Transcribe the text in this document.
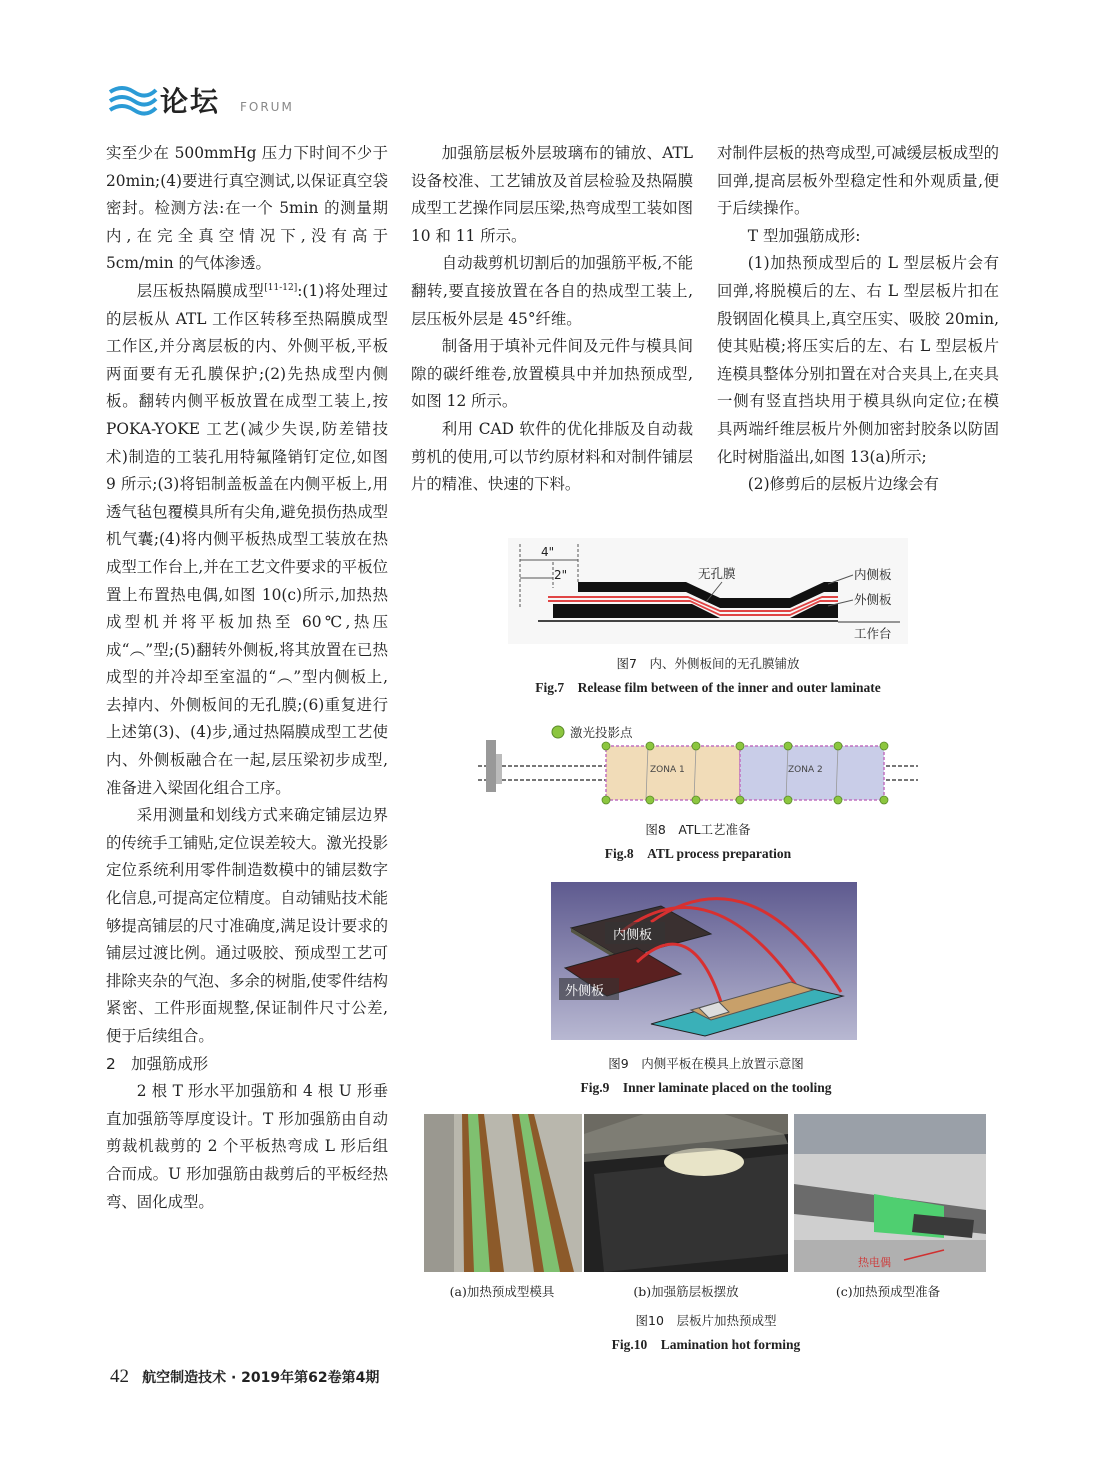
论坛 FORUM

实至少在 500mmHg 压力下时间不少于 20min;(4)要进行真空测试,以保证真空袋密封。检测方法:在一个 5min 的测量期内,在完全真空情况下,没有高于 5cm/min 的气体渗透。

层压板热隔膜成型[11-12]:(1)将处理过的层板从 ATL 工作区转移至热隔膜成型工作区,并分离层板的内、外侧平板,平板两面要有无孔膜保护;(2)先热成型内侧板。翻转内侧平板放置在成型工装上,按 POKA-YOKE 工艺(减少失误,防差错技术)制造的工装孔用特氟隆销钉定位,如图 9 所示;(3)将铝制盖板盖在内侧平板上,用透气毡包覆模具所有尖角,避免损伤热成型机气囊;(4)将内侧平板热成型工装放在热成型工作台上,并在工艺文件要求的平板位置上布置热电偶,如图 10(c)所示,加热热成型机并将平板加热至 60℃,热压成“︵”型;(5)翻转外侧板,将其放置在已热成型的并冷却至室温的“︵”型内侧板上,去掉内、外侧板间的无孔膜;(6)重复进行上述第(3)、(4)步,通过热隔膜成型工艺使内、外侧板融合在一起,层压梁初步成型,准备进入梁固化组合工序。

采用测量和划线方式来确定铺层边界的传统手工铺贴,定位误差较大。激光投影定位系统利用零件制造数模中的铺层数字化信息,可提高定位精度。自动铺贴技术能够提高铺层的尺寸准确度,满足设计要求的铺层过渡比例。通过吸胶、预成型工艺可排除夹杂的气泡、多余的树脂,使零件结构紧密、工件形面规整,保证制件尺寸公差,便于后续组合。

2　加强筋成形

2 根 T 形水平加强筋和 4 根 U 形垂直加强筋等厚度设计。T 形加强筋由自动剪裁机裁剪的 2 个平板热弯成 L 形后组合而成。U 形加强筋由裁剪后的平板经热弯、固化成型。

加强筋层板外层玻璃布的铺放、ATL 设备校准、工艺铺放及首层检验及热隔膜成型工艺操作同层压梁,热弯成型工装如图 10 和 11 所示。

自动裁剪机切割后的加强筋平板,不能翻转,要直接放置在各自的热成型工装上,层压板外层是 45°纤维。

制备用于填补元件间及元件与模具间隙的碳纤维卷,放置模具中并加热预成型,如图 12 所示。

利用 CAD 软件的优化排版及自动裁剪机的使用,可以节约原材料和对制件铺层片的精准、快速的下料。

对制件层板的热弯成型,可减缓层板成型的回弹,提高层板外型稳定性和外观质量,便于后续操作。

T 型加强筋成形:

(1)加热预成型后的 L 型层板片会有回弹,将脱模后的左、右 L 型层板片扣在殷钢固化模具上,真空压实、吸胶 20min,使其贴模;将压实后的左、右 L 型层板片连模具整体分别扣置在对合夹具上,在夹具一侧有竖直挡块用于模具纵向定位;在模具两端纤维层板片外侧加密封胶条以防固化时树脂溢出,如图 13(a)所示;

(2)修剪后的层板片边缘会有

4"
2"	无孔膜	内侧板
外侧板
工作台
图7　内、外侧板间的无孔膜铺放
Fig.7　Release film between of the inner and outer laminate
激光投影点
ZONA 1	ZONA 2
图8　ATL工艺准备
Fig.8　ATL process preparation
内侧板
外侧板
图9　内侧平板在模具上放置示意图
Fig.9　Inner laminate placed on the tooling
热电偶
(a)加热预成型模具	(b)加强筋层板摆放	(c)加热预成型准备
图10　层板片加热预成型
Fig.10　Lamination hot forming
42 航空制造技术 · 2019年第62卷第4期
